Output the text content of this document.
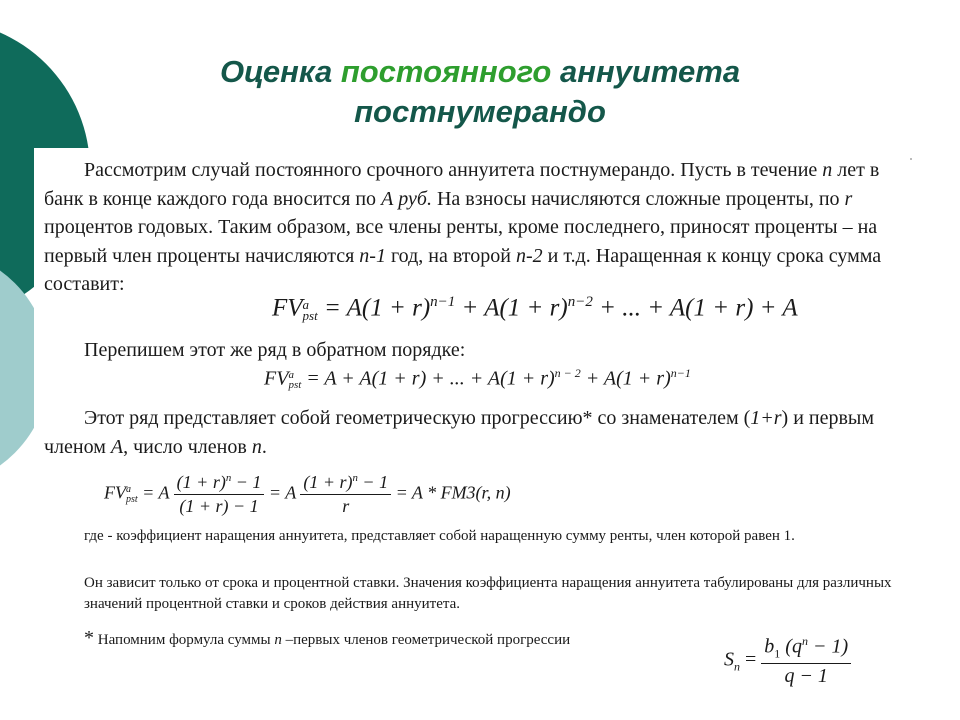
Оценка постоянного аннуитета
постнумерандо

Рассмотрим случай постоянного срочного аннуитета постнумерандо. Пусть в течение n лет в банк в конце каждого года вносится по А руб. На взносы начисляются сложные проценты, по r процентов годовых. Таким образом, все члены ренты, кроме последнего, приносят проценты – на первый член проценты начисляются n-1 год, на второй n-2 и т.д. Наращенная к концу срока сумма составит:

FV a
pst = $A(1 + r)^{n-1} + A(1 + r)^{n-2}$ + ... + A(1 + r) + A

Перепишем этот же ряд в обратном порядке:

FV a
pst = A + A(1 + r) + ... + $A(1 + r)^{n - 2} + A(1 + r)^{n-1}$

Этот ряд представляет собой геометрическую прогрессию* со знаменателем (1+r) и первым членом А, число членов n.

FV a
pst = A $\frac{(1 + r)^n - 1}{(1 + r) - 1} = A \frac{(1 + r)^n - 1}{r} = A * FM3(r$, n)

где - коэффициент наращения аннуитета, представляет собой наращенную сумму ренты, член которой равен 1.

Он зависит только от срока и процентной ставки. Значения коэффициента наращения аннуитета табулированы для различных значений процентной ставки и сроков действия аннуитета.

* Напомним формула суммы n –первых членов геометрической прогрессии

$S_n = \frac{b_1 (q^n - 1)}{q - 1}$
